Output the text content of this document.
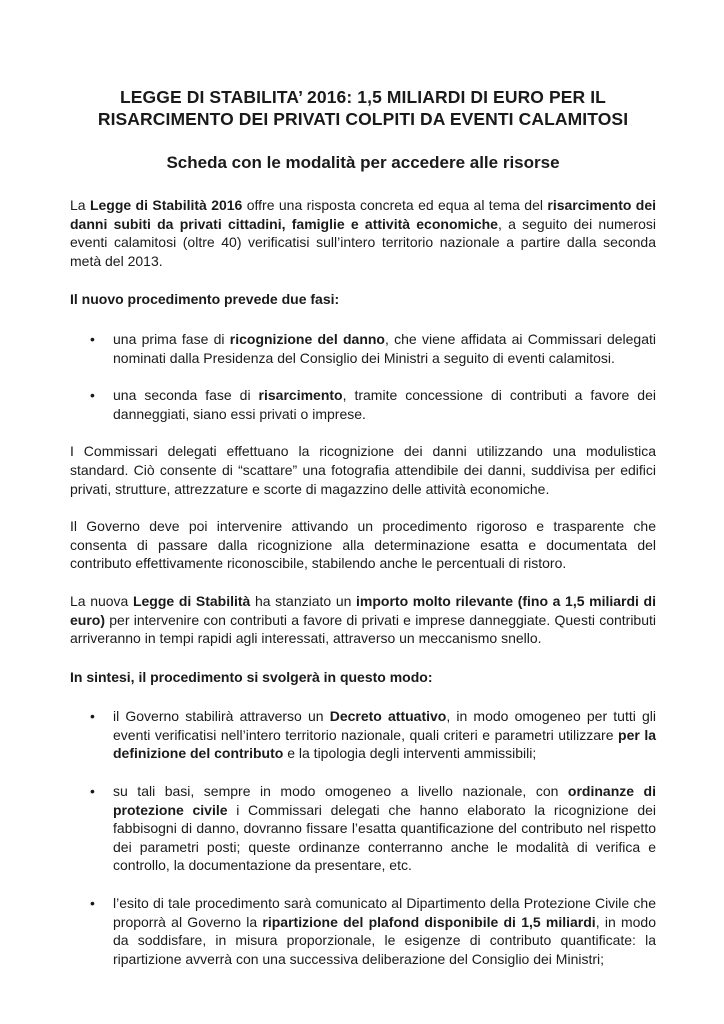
LEGGE DI STABILITA’ 2016: 1,5 MILIARDI DI EURO PER IL
RISARCIMENTO DEI PRIVATI COLPITI DA EVENTI CALAMITOSI
Scheda con le modalità per accedere alle risorse

La Legge di Stabilità 2016 offre una risposta concreta ed equa al tema del risarcimento dei danni subiti da privati cittadini, famiglie e attività economiche, a seguito dei numerosi eventi calamitosi (oltre 40) verificatisi sull’intero territorio nazionale a partire dalla seconda metà del 2013.

Il nuovo procedimento prevede due fasi:

• una prima fase di ricognizione del danno, che viene affidata ai Commissari delegati nominati dalla Presidenza del Consiglio dei Ministri a seguito di eventi calamitosi.
• una seconda fase di risarcimento, tramite concessione di contributi a favore dei danneggiati, siano essi privati o imprese.

I Commissari delegati effettuano la ricognizione dei danni utilizzando una modulistica standard. Ciò consente di “scattare” una fotografia attendibile dei danni, suddivisa per edifici privati, strutture, attrezzature e scorte di magazzino delle attività economiche.

Il Governo deve poi intervenire attivando un procedimento rigoroso e trasparente che consenta di passare dalla ricognizione alla determinazione esatta e documentata del contributo effettivamente riconoscibile, stabilendo anche le percentuali di ristoro.

La nuova Legge di Stabilità ha stanziato un importo molto rilevante (fino a 1,5 miliardi di euro) per intervenire con contributi a favore di privati e imprese danneggiate. Questi contributi arriveranno in tempi rapidi agli interessati, attraverso un meccanismo snello.

In sintesi, il procedimento si svolgerà in questo modo:

• il Governo stabilirà attraverso un Decreto attuativo, in modo omogeneo per tutti gli eventi verificatisi nell’intero territorio nazionale, quali criteri e parametri utilizzare per la definizione del contributo e la tipologia degli interventi ammissibili;
• su tali basi, sempre in modo omogeneo a livello nazionale, con ordinanze di protezione civile i Commissari delegati che hanno elaborato la ricognizione dei fabbisogni di danno, dovranno fissare l’esatta quantificazione del contributo nel rispetto dei parametri posti; queste ordinanze conterranno anche le modalità di verifica e controllo, la documentazione da presentare, etc.
• l’esito di tale procedimento sarà comunicato al Dipartimento della Protezione Civile che proporrà al Governo la ripartizione del plafond disponibile di 1,5 miliardi, in modo da soddisfare, in misura proporzionale, le esigenze di contributo quantificate: la ripartizione avverrà con una successiva deliberazione del Consiglio dei Ministri;
